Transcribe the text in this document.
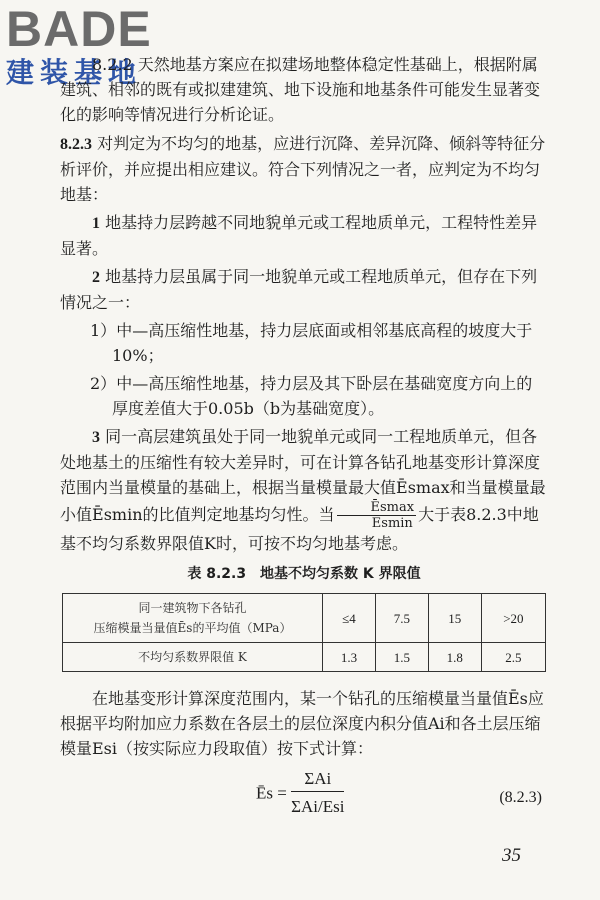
BADE
建装基地

8.2.2 天然地基方案应在拟建场地整体稳定性基础上，根据附属建筑、相邻的既有或拟建建筑、地下设施和地基条件可能发生显著变化的影响等情况进行分析论证。

8.2.3 对判定为不均匀的地基，应进行沉降、差异沉降、倾斜等特征分析评价，并应提出相应建议。符合下列情况之一者，应判定为不均匀地基：

1 地基持力层跨越不同地貌单元或工程地质单元，工程特性差异显著。

2 地基持力层虽属于同一地貌单元或工程地质单元，但存在下列情况之一：

1）中—高压缩性地基，持力层底面或相邻基底高程的坡度大于10%；

2）中—高压缩性地基，持力层及其下卧层在基础宽度方向上的厚度差值大于0.05b（b为基础宽度）。

3 同一高层建筑虽处于同一地貌单元或同一工程地质单元，但各处地基土的压缩性有较大差异时，可在计算各钻孔地基变形计算深度范围内当量模量的基础上，根据当量模量最大值Ēsmax和当量模量最小值Ēsmin的比值判定地基均匀性。当 $\frac{Ēsmax}{Ēsmin}$ 大于表8.2.3中地基不均匀系数界限值K时，可按不均匀地基考虑。

表 8.2.3　地基不均匀系数 K 界限值
同一建筑物下各钻孔
压缩模量当量值Ēs的平均值（MPa）	≤4	7.5	15	>20
不均匀系数界限值 K	1.3	1.5	1.8	2.5

在地基变形计算深度范围内，某一个钻孔的压缩模量当量值Ēs应根据平均附加应力系数在各层土的层位深度内积分值Ai和各土层压缩模量Esi（按实际应力段取值）按下式计算：

Ēs = $\frac{\text{ΣAi}}{\text{ΣAi/Esi}}$	(8.2.3)
35
